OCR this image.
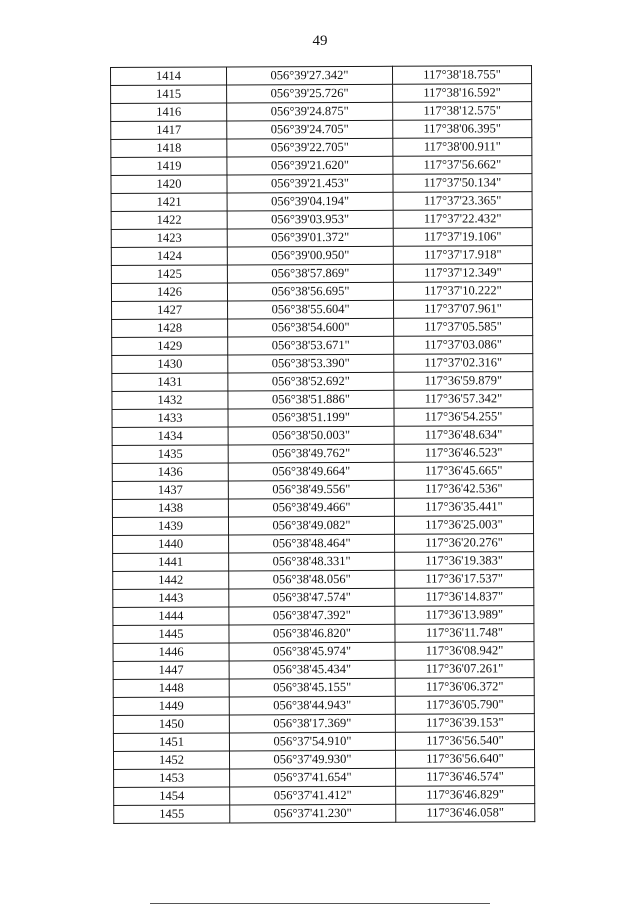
49
1414	056°39'27.342"	117°38'18.755"
1415	056°39'25.726"	117°38'16.592"
1416	056°39'24.875"	117°38'12.575"
1417	056°39'24.705"	117°38'06.395"
1418	056°39'22.705"	117°38'00.911"
1419	056°39'21.620"	117°37'56.662"
1420	056°39'21.453"	117°37'50.134"
1421	056°39'04.194"	117°37'23.365"
1422	056°39'03.953"	117°37'22.432"
1423	056°39'01.372"	117°37'19.106"
1424	056°39'00.950"	117°37'17.918"
1425	056°38'57.869"	117°37'12.349"
1426	056°38'56.695"	117°37'10.222"
1427	056°38'55.604"	117°37'07.961"
1428	056°38'54.600"	117°37'05.585"
1429	056°38'53.671"	117°37'03.086"
1430	056°38'53.390"	117°37'02.316"
1431	056°38'52.692"	117°36'59.879"
1432	056°38'51.886"	117°36'57.342"
1433	056°38'51.199"	117°36'54.255"
1434	056°38'50.003"	117°36'48.634"
1435	056°38'49.762"	117°36'46.523"
1436	056°38'49.664"	117°36'45.665"
1437	056°38'49.556"	117°36'42.536"
1438	056°38'49.466"	117°36'35.441"
1439	056°38'49.082"	117°36'25.003"
1440	056°38'48.464"	117°36'20.276"
1441	056°38'48.331"	117°36'19.383"
1442	056°38'48.056"	117°36'17.537"
1443	056°38'47.574"	117°36'14.837"
1444	056°38'47.392"	117°36'13.989"
1445	056°38'46.820"	117°36'11.748"
1446	056°38'45.974"	117°36'08.942"
1447	056°38'45.434"	117°36'07.261"
1448	056°38'45.155"	117°36'06.372"
1449	056°38'44.943"	117°36'05.790"
1450	056°38'17.369"	117°36'39.153"
1451	056°37'54.910"	117°36'56.540"
1452	056°37'49.930"	117°36'56.640"
1453	056°37'41.654"	117°36'46.574"
1454	056°37'41.412"	117°36'46.829"
1455	056°37'41.230"	117°36'46.058"
